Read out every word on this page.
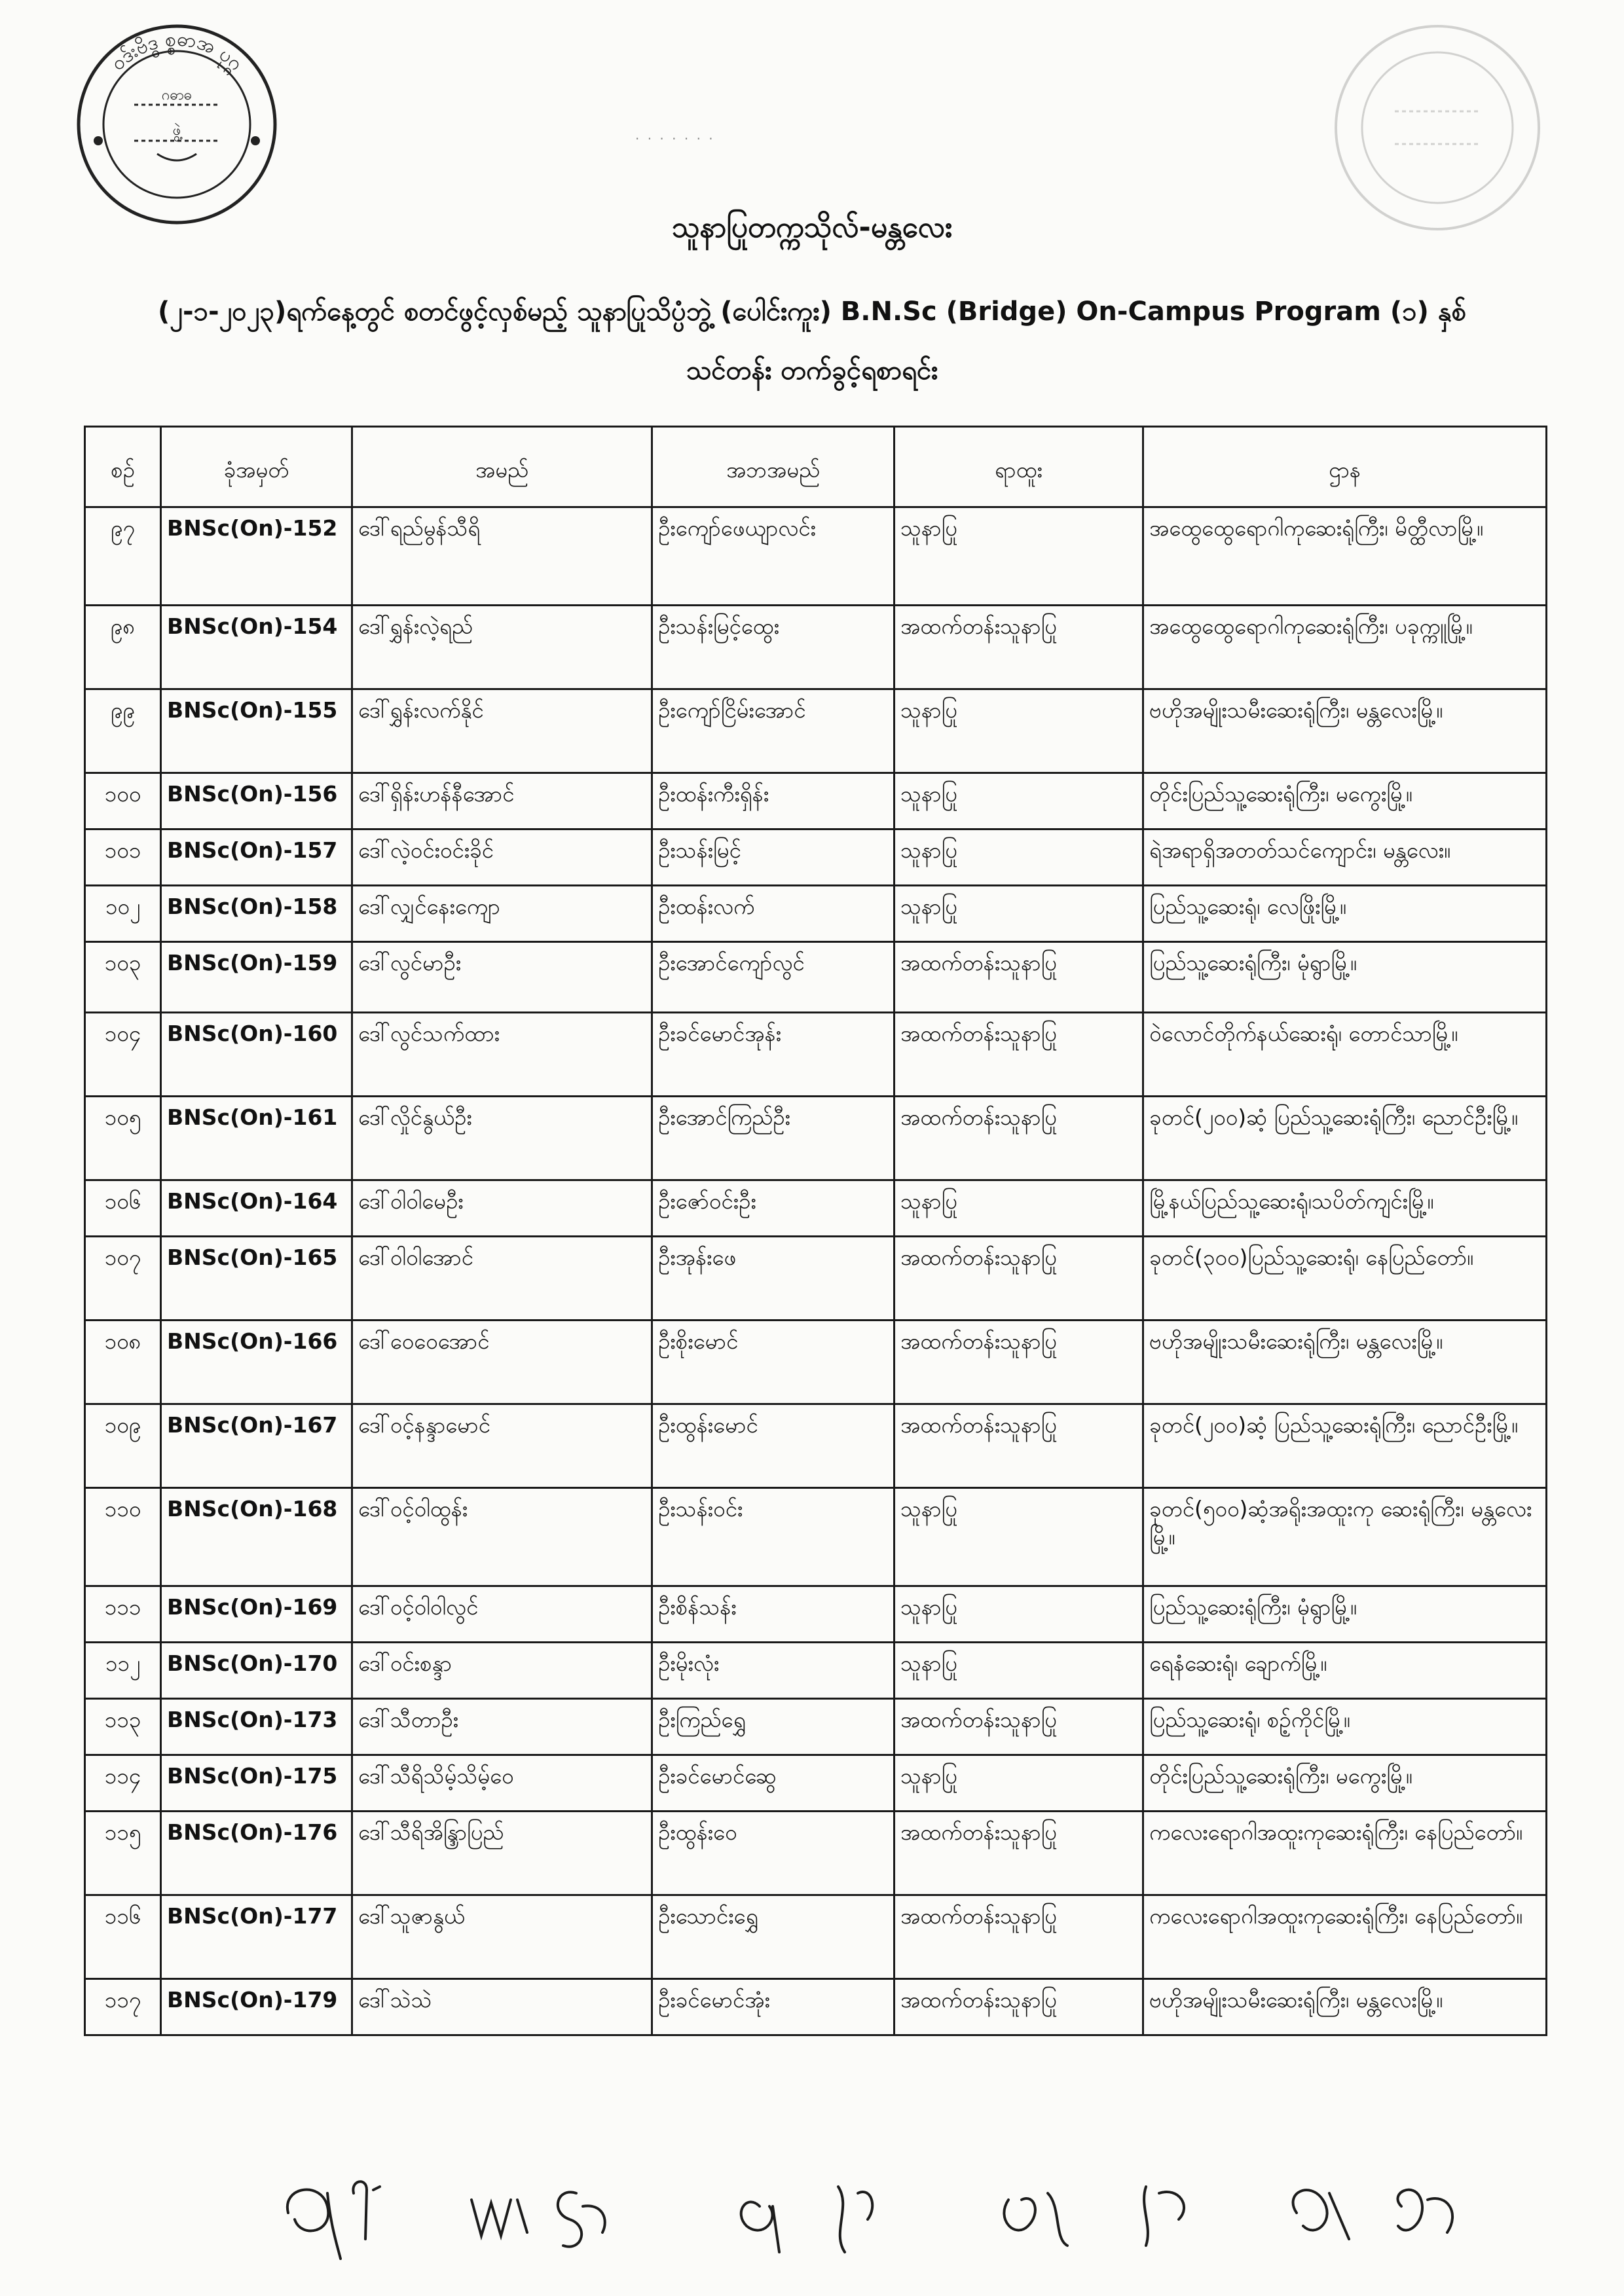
ဝဒ်းဗိဒ္ဓ စ္စဓာအ ပုဂ္ဂ
ဂဓာဓ
ဖွဲ့	· · · · · · ·
သူနာပြုတက္ကသိုလ်-မန္တလေး
(၂-၁-၂၀၂၃)ရက်နေ့တွင် စတင်ဖွင့်လှစ်မည့် သူနာပြုသိပ္ပံဘွဲ့ (ပေါင်းကူး) B.N.Sc (Bridge) On-Campus Program (၁) နှစ်
သင်တန်း တက်ခွင့်ရစာရင်း
စဉ်	ခုံအမှတ်	အမည်	အဘအမည်	ရာထူး	ဌာန
၉၇	BNSc(On)-152	ဒေါ်ရည်မွန်သီရိ	ဦးကျော်ဖေယျာလင်း	သူနာပြု	အထွေထွေရောဂါကုဆေးရုံကြီး၊ မိတ္ထီလာမြို့။
၉၈	BNSc(On)-154	ဒေါ်ရွှန်းလဲ့ရည်	ဦးသန်းမြင့်ထွေး	အထက်တန်းသူနာပြု	အထွေထွေရောဂါကုဆေးရုံကြီး၊ ပခုက္ကူမြို့။
၉၉	BNSc(On)-155	ဒေါ်ရွှန်းလက်နိုင်	ဦးကျော်ငြိမ်းအောင်	သူနာပြု	ဗဟိုအမျိုးသမီးဆေးရုံကြီး၊ မန္တလေးမြို့။
၁၀၀	BNSc(On)-156	ဒေါ်ရှိန်းဟန်နီအောင်	ဦးထန်းကီးရှိန်း	သူနာပြု	တိုင်းပြည်သူ့ဆေးရုံကြီး၊ မကွေးမြို့။
၁၀၁	BNSc(On)-157	ဒေါ်လဲ့ဝင်းဝင်းခိုင်	ဦးသန်းမြင့်	သူနာပြု	ရဲအရာရှိအတတ်သင်ကျောင်း၊ မန္တလေး။
၁၀၂	BNSc(On)-158	ဒေါ်လျှင်နေးကျော	ဦးထန်းလက်	သူနာပြု	ပြည်သူ့ဆေးရုံ၊ လေဖြိုးမြို့။
၁၀၃	BNSc(On)-159	ဒေါ်လွင်မာဦး	ဦးအောင်ကျော်လွင်	အထက်တန်းသူနာပြု	ပြည်သူ့ဆေးရုံကြီး၊ မုံရွာမြို့။
၁၀၄	BNSc(On)-160	ဒေါ်လွင်သက်ထား	ဦးခင်မောင်အုန်း	အထက်တန်းသူနာပြု	ဝဲလောင်တိုက်နယ်ဆေးရုံ၊ တောင်သာမြို့။
၁၀၅	BNSc(On)-161	ဒေါ်လှိုင်နွယ်ဦး	ဦးအောင်ကြည်ဦး	အထက်တန်းသူနာပြု	ခုတင်(၂၀၀)ဆံ့ ပြည်သူ့ဆေးရုံကြီး၊ ညောင်ဦးမြို့။
၁၀၆	BNSc(On)-164	ဒေါ်ဝါဝါမေဦး	ဦးဇော်ဝင်းဦး	သူနာပြု	မြို့နယ်ပြည်သူ့ဆေးရုံ၊သပိတ်ကျင်းမြို့။
၁၀၇	BNSc(On)-165	ဒေါ်ဝါဝါအောင်	ဦးအုန်းဖေ	အထက်တန်းသူနာပြု	ခုတင်(၃၀၀)ပြည်သူ့ဆေးရုံ၊ နေပြည်တော်။
၁၀၈	BNSc(On)-166	ဒေါ်ဝေဝေအောင်	ဦးစိုးမောင်	အထက်တန်းသူနာပြု	ဗဟိုအမျိုးသမီးဆေးရုံကြီး၊ မန္တလေးမြို့။
၁၀၉	BNSc(On)-167	ဒေါ်ဝင့်နန္ဒာမောင်	ဦးထွန်းမောင်	အထက်တန်းသူနာပြု	ခုတင်(၂၀၀)ဆံ့ ပြည်သူ့ဆေးရုံကြီး၊ ညောင်ဦးမြို့။
၁၁၀	BNSc(On)-168	ဒေါ်ဝင့်ဝါထွန်း	ဦးသန်းဝင်း	သူနာပြု	ခုတင်(၅၀၀)ဆံ့အရိုးအထူးကု ဆေးရုံကြီး၊ မန္တလေးမြို့။
၁၁၁	BNSc(On)-169	ဒေါ်ဝင့်ဝါဝါလွင်	ဦးစိန်သန်း	သူနာပြု	ပြည်သူ့ဆေးရုံကြီး၊ မုံရွာမြို့။
၁၁၂	BNSc(On)-170	ဒေါ်ဝင်းစန္ဒာ	ဦးမိုးလုံး	သူနာပြု	ရေနံဆေးရုံ၊ ချောက်မြို့။
၁၁၃	BNSc(On)-173	ဒေါ်သီတာဦး	ဦးကြည်ရွှေ	အထက်တန်းသူနာပြု	ပြည်သူ့ဆေးရုံ၊ စဉ့်ကိုင်မြို့။
၁၁၄	BNSc(On)-175	ဒေါ်သီရိသိမ့်သိမ့်ဝေ	ဦးခင်မောင်ဆွေ	သူနာပြု	တိုင်းပြည်သူ့ဆေးရုံကြီး၊ မကွေးမြို့။
၁၁၅	BNSc(On)-176	ဒေါ်သီရိအိန္ဒြာပြည်	ဦးထွန်းဝေ	အထက်တန်းသူနာပြု	ကလေးရောဂါအထူးကုဆေးရုံကြီး၊ နေပြည်တော်။
၁၁၆	BNSc(On)-177	ဒေါ်သူဇာနွယ်	ဦးသောင်းရွှေ	အထက်တန်းသူနာပြု	ကလေးရောဂါအထူးကုဆေးရုံကြီး၊ နေပြည်တော်။
၁၁၇	BNSc(On)-179	ဒေါ်သဲသဲ	ဦးခင်မောင်အုံး	အထက်တန်းသူနာပြု	ဗဟိုအမျိုးသမီးဆေးရုံကြီး၊ မန္တလေးမြို့။
